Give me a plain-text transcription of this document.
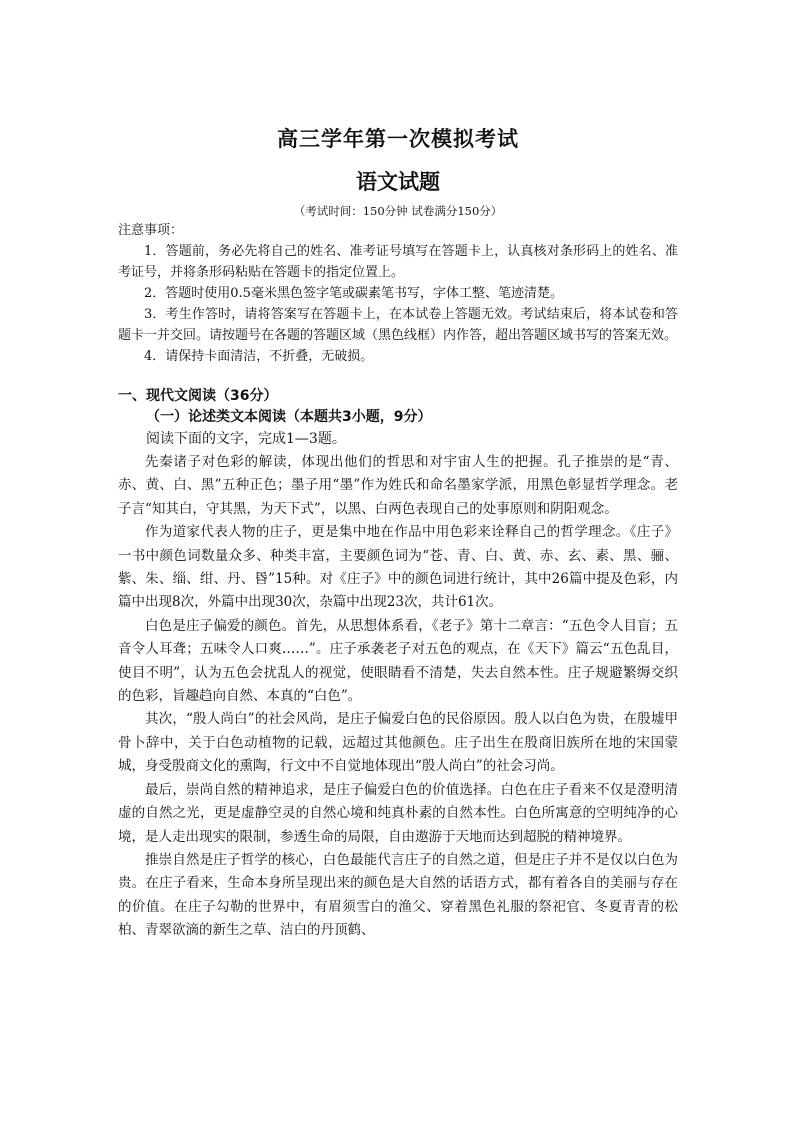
高三学年第一次模拟考试
语文试题
（考试时间：150分钟 试卷满分150分）
注意事项：

1．答题前，务必先将自己的姓名、准考证号填写在答题卡上，认真核对条形码上的姓名、准考证号，并将条形码粘贴在答题卡的指定位置上。

2．答题时使用0.5毫米黑色签字笔或碳素笔书写，字体工整、笔迹清楚。

3．考生作答时，请将答案写在答题卡上，在本试卷上答题无效。考试结束后，将本试卷和答题卡一并交回。请按题号在各题的答题区域（黑色线框）内作答，超出答题区域书写的答案无效。

4．请保持卡面清洁，不折叠，无破损。

一、现代文阅读（36分）
（一）论述类文本阅读（本题共3小题，9分）
阅读下面的文字，完成1—3题。

先秦诸子对色彩的解读，体现出他们的哲思和对宇宙人生的把握。孔子推崇的是“青、赤、黄、白、黑”五种正色；墨子用“墨”作为姓氏和命名墨家学派，用黑色彰显哲学理念。老子言“知其白，守其黑，为天下式”，以黑、白两色表现自己的处事原则和阴阳观念。

作为道家代表人物的庄子，更是集中地在作品中用色彩来诠释自己的哲学理念。《庄子》一书中颜色词数量众多、种类丰富，主要颜色词为“苍、青、白、黄、赤、玄、素、黑、骊、紫、朱、缁、绀、丹、昬”15种。对《庄子》中的颜色词进行统计，其中26篇中提及色彩，内篇中出现8次，外篇中出现30次，杂篇中出现23次，共计61次。

白色是庄子偏爱的颜色。首先，从思想体系看，《老子》第十二章言：“五色令人目盲；五音令人耳聋；五味令人口爽……”。庄子承袭老子对五色的观点，在《天下》篇云“五色乱目，使目不明”，认为五色会扰乱人的视觉，使眼睛看不清楚，失去自然本性。庄子规避繁缛交织的色彩，旨趣趋向自然、本真的“白色”。

其次，“殷人尚白”的社会风尚，是庄子偏爱白色的民俗原因。殷人以白色为贵，在殷墟甲骨卜辞中，关于白色动植物的记载，远超过其他颜色。庄子出生在殷商旧族所在地的宋国蒙城，身受殷商文化的熏陶，行文中不自觉地体现出“殷人尚白”的社会习尚。

最后，崇尚自然的精神追求，是庄子偏爱白色的价值选择。白色在庄子看来不仅是澄明清虚的自然之光，更是虚静空灵的自然心境和纯真朴素的自然本性。白色所寓意的空明纯净的心境，是人走出现实的限制，参透生命的局限，自由遨游于天地而达到超脱的精神境界。

推崇自然是庄子哲学的核心，白色最能代言庄子的自然之道，但是庄子并不是仅以白色为贵。在庄子看来，生命本身所呈现出来的颜色是大自然的话语方式，都有着各自的美丽与存在的价值。在庄子勾勒的世界中，有眉须雪白的渔父、穿着黑色礼服的祭祀官、冬夏青青的松柏、青翠欲滴的新生之草、洁白的丹顶鹤、
